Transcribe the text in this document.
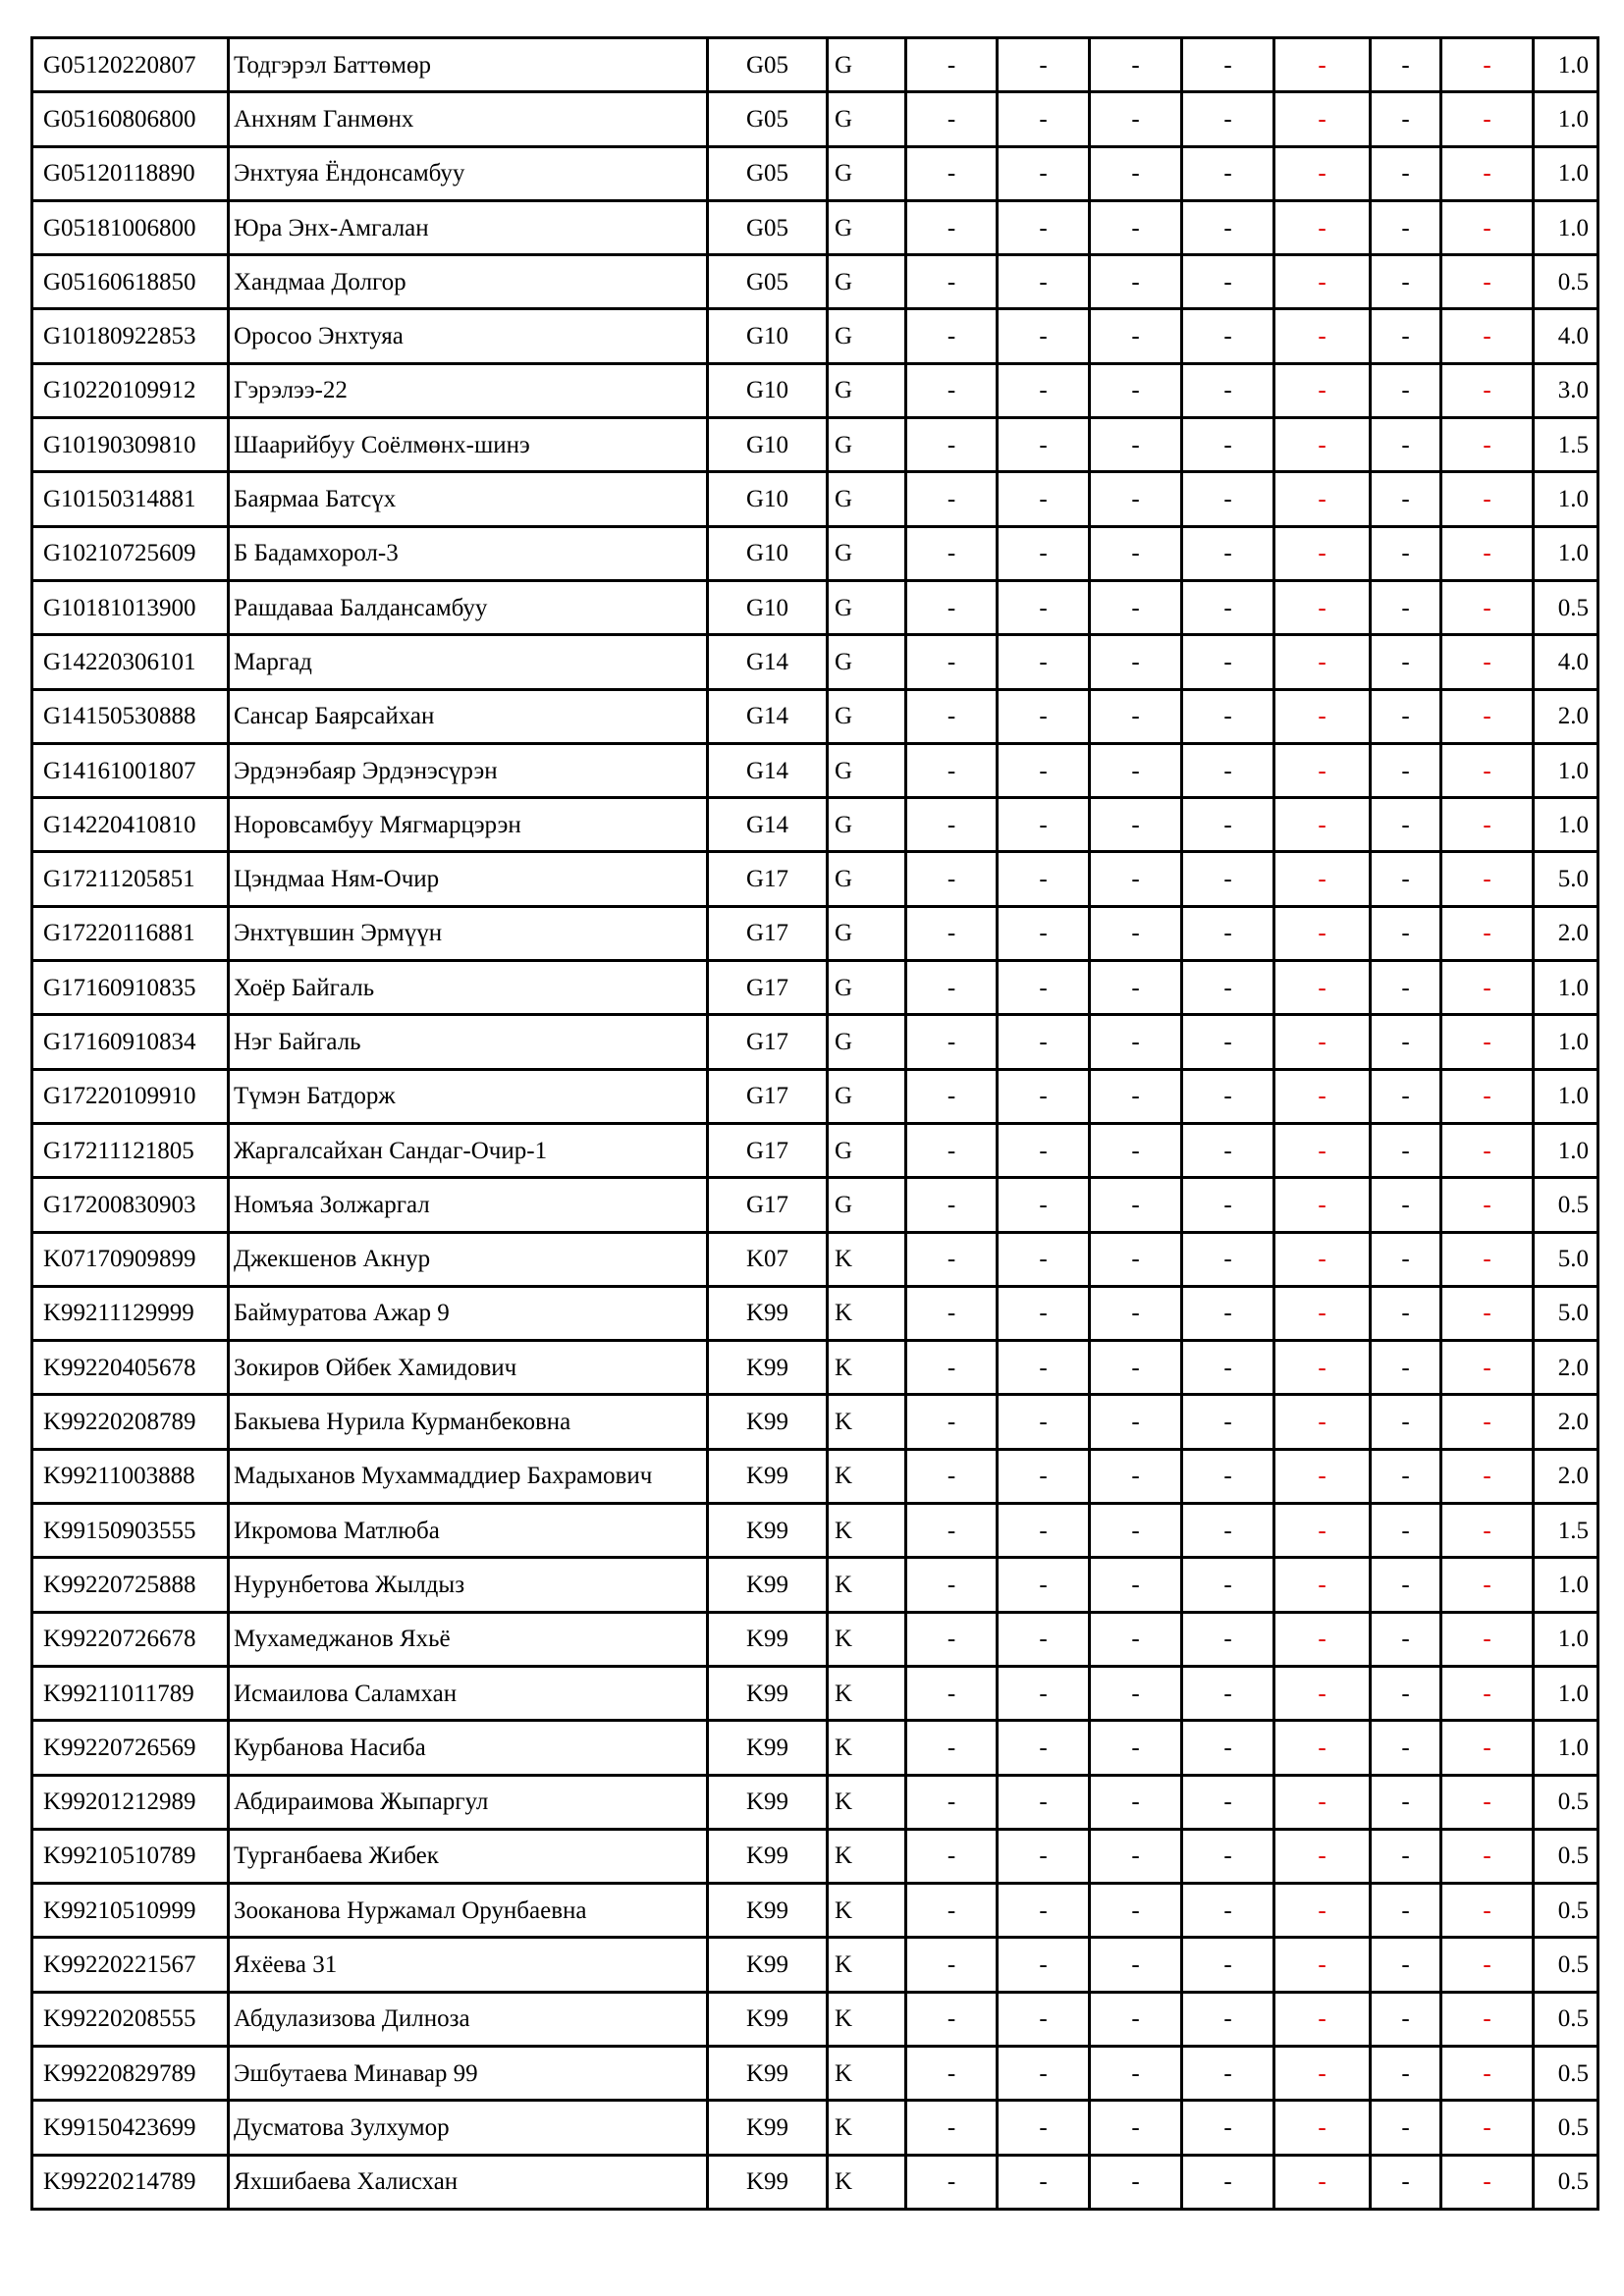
G05120220807	Тодгэрэл Баттөмөр	G05	G	-	-	-	-	-	-	-	1.0
G05160806800	Анхням Ганмөнх	G05	G	-	-	-	-	-	-	-	1.0
G05120118890	Энхтуяа Ёндонсамбуу	G05	G	-	-	-	-	-	-	-	1.0
G05181006800	Юра Энх-Амгалан	G05	G	-	-	-	-	-	-	-	1.0
G05160618850	Хандмаа Долгор	G05	G	-	-	-	-	-	-	-	0.5
G10180922853	Оросоо Энхтуяа	G10	G	-	-	-	-	-	-	-	4.0
G10220109912	Гэрэлээ-22	G10	G	-	-	-	-	-	-	-	3.0
G10190309810	Шаарийбуу Соёлмөнх-шинэ	G10	G	-	-	-	-	-	-	-	1.5
G10150314881	Баярмаа Батсүх	G10	G	-	-	-	-	-	-	-	1.0
G10210725609	Б Бадамхорол-3	G10	G	-	-	-	-	-	-	-	1.0
G10181013900	Рашдаваа Балдансамбуу	G10	G	-	-	-	-	-	-	-	0.5
G14220306101	Маргад	G14	G	-	-	-	-	-	-	-	4.0
G14150530888	Сансар Баярсайхан	G14	G	-	-	-	-	-	-	-	2.0
G14161001807	Эрдэнэбаяр Эрдэнэсүрэн	G14	G	-	-	-	-	-	-	-	1.0
G14220410810	Норовсамбуу Мягмарцэрэн	G14	G	-	-	-	-	-	-	-	1.0
G17211205851	Цэндмаа Ням-Очир	G17	G	-	-	-	-	-	-	-	5.0
G17220116881	Энхтүвшин Эрмүүн	G17	G	-	-	-	-	-	-	-	2.0
G17160910835	Хоёр Байгаль	G17	G	-	-	-	-	-	-	-	1.0
G17160910834	Нэг Байгаль	G17	G	-	-	-	-	-	-	-	1.0
G17220109910	Түмэн Батдорж	G17	G	-	-	-	-	-	-	-	1.0
G17211121805	Жаргалсайхан Сандаг-Очир-1	G17	G	-	-	-	-	-	-	-	1.0
G17200830903	Номъяа Золжаргал	G17	G	-	-	-	-	-	-	-	0.5
K07170909899	Джекшенов Акнур	K07	K	-	-	-	-	-	-	-	5.0
K99211129999	Баймуратова Ажар 9	K99	K	-	-	-	-	-	-	-	5.0
K99220405678	Зокиров Ойбек Хамидович	K99	K	-	-	-	-	-	-	-	2.0
K99220208789	Бакыева Нурила Курманбековна	K99	K	-	-	-	-	-	-	-	2.0
K99211003888	Мадыханов Мухаммаддиер Бахрамович	K99	K	-	-	-	-	-	-	-	2.0
K99150903555	Икромова Матлюба	K99	K	-	-	-	-	-	-	-	1.5
K99220725888	Нурунбетова Жылдыз	K99	K	-	-	-	-	-	-	-	1.0
K99220726678	Мухамеджанов Яхьё	K99	K	-	-	-	-	-	-	-	1.0
K99211011789	Исмаилова Саламхан	K99	K	-	-	-	-	-	-	-	1.0
K99220726569	Курбанова Насиба	K99	K	-	-	-	-	-	-	-	1.0
K99201212989	Абдираимова Жыпаргул	K99	K	-	-	-	-	-	-	-	0.5
K99210510789	Турганбаева Жибек	K99	K	-	-	-	-	-	-	-	0.5
K99210510999	Зооканова Нуржамал Орунбаевна	K99	K	-	-	-	-	-	-	-	0.5
K99220221567	Яхёева 31	K99	K	-	-	-	-	-	-	-	0.5
K99220208555	Абдулазизова Дилноза	K99	K	-	-	-	-	-	-	-	0.5
K99220829789	Эшбутаева Минавар 99	K99	K	-	-	-	-	-	-	-	0.5
K99150423699	Дусматова Зулхумор	K99	K	-	-	-	-	-	-	-	0.5
K99220214789	Яхшибаева Халисхан	K99	K	-	-	-	-	-	-	-	0.5
